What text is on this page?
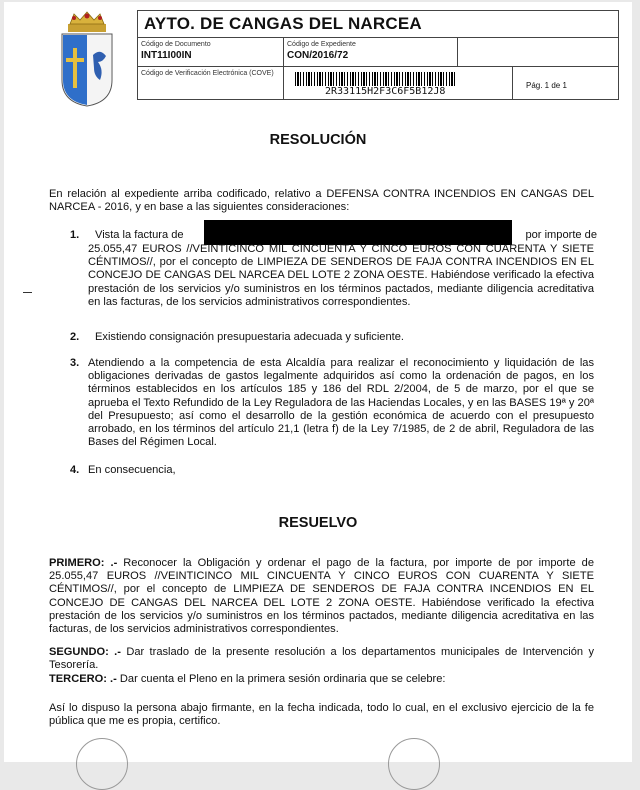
AYTO. DE CANGAS DEL NARCEA
Código de Documento
INT11I00IN
Código de Expediente
CON/2016/72
Código de Verificación Electrónica (COVE)
2R33115H2F3C6F5B12J8
Pág. 1 de 1
RESOLUCIÓN
En relación al expediente arriba codificado, relativo a DEFENSA CONTRA INCENDIOS EN CANGAS DEL NARCEA - 2016, y en base a las siguientes consideraciones:
1. Vista la factura de	por importe de
25.055,47 EUROS //VEINTICINCO MIL CINCUENTA Y CINCO EUROS CON CUARENTA Y SIETE CÉNTIMOS//, por el concepto de LIMPIEZA DE SENDEROS DE FAJA CONTRA INCENDIOS EN EL CONCEJO DE CANGAS DEL NARCEA DEL LOTE 2 ZONA OESTE. Habiéndose verificado la efectiva prestación de los servicios y/o suministros en los términos pactados, mediante diligencia acreditativa en las facturas, de los servicios administrativos correspondientes.
2. Existiendo consignación presupuestaria adecuada y suficiente.
3. Atendiendo a la competencia de esta Alcaldía para realizar el reconocimiento y liquidación de las obligaciones derivadas de gastos legalmente adquiridos así como la ordenación de pagos, en los términos establecidos en los artículos 185 y 186 del RDL 2/2004, de 5 de marzo, por el que se aprueba el Texto Refundido de la Ley Reguladora de las Haciendas Locales, y en las BASES 19ª y 20ª del Presupuesto; así como el desarrollo de la gestión económica de acuerdo con el presupuesto arrobado, en los términos del artículo 21,1 (letra f) de la Ley 7/1985, de 2 de abril, Reguladora de las Bases del Régimen Local.
4. En consecuencia,
RESUELVO
PRIMERO: .- Reconocer la Obligación y ordenar el pago de la factura, por importe de por importe de 25.055,47 EUROS //VEINTICINCO MIL CINCUENTA Y CINCO EUROS CON CUARENTA Y SIETE CÉNTIMOS//, por el concepto de LIMPIEZA DE SENDEROS DE FAJA CONTRA INCENDIOS EN EL CONCEJO DE CANGAS DEL NARCEA DEL LOTE 2 ZONA OESTE. Habiéndose verificado la efectiva prestación de los servicios y/o suministros en los términos pactados, mediante diligencia acreditativa en las facturas, de los servicios administrativos correspondientes.
SEGUNDO: .- Dar traslado de la presente resolución a los departamentos municipales de Intervención y Tesorería.
TERCERO: .- Dar cuenta el Pleno en la primera sesión ordinaria que se celebre:
Así lo dispuso la persona abajo firmante, en la fecha indicada, todo lo cual, en el exclusivo ejercicio de la fe pública que me es propia, certifico.
